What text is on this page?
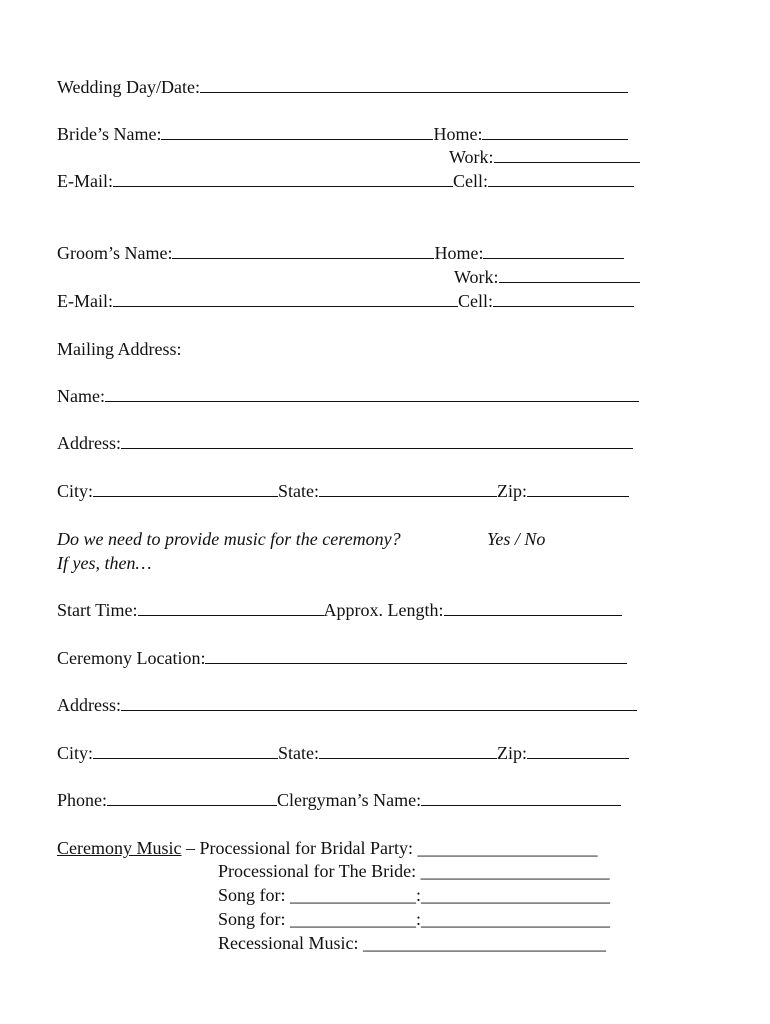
Wedding Day/Date:
Bride’s Name:	Home:
Work:
E-Mail:	Cell:
Groom’s Name:	Home:
Work:
E-Mail:	Cell:
Mailing Address:
Name:
Address:
City:	State:	Zip:
Do we need to provide music for the ceremony?	Yes / No
If yes, then…
Start Time:	Approx. Length:
Ceremony Location:
Address:
City:	State:	Zip:
Phone:	Clergyman’s Name:
Ceremony Music – Processional for Bridal Party: ____________________
Processional for The Bride: _____________________
Song for: ______________:_____________________
Song for: ______________:_____________________
Recessional Music: ___________________________
